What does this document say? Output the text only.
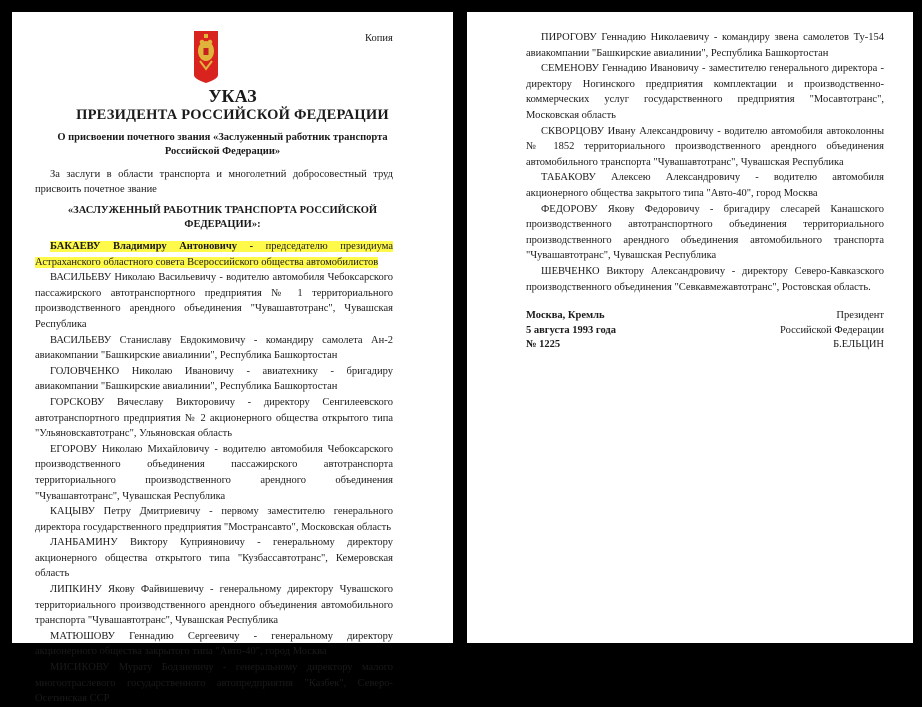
Копия
УКАЗ
ПРЕЗИДЕНТА РОССИЙСКОЙ ФЕДЕРАЦИИ
О присвоении почетного звания «Заслуженный работник транспорта Российской Федерации»
За заслуги в области транспорта и многолетний добросовестный труд присвоить почетное звание
«ЗАСЛУЖЕННЫЙ РАБОТНИК ТРАНСПОРТА РОССИЙСКОЙ ФЕДЕРАЦИИ»:

БАКАЕВУ Владимиру Антоновичу - председателю президиума Астраханского областного совета Всероссийского общества автомобилистов

ВАСИЛЬЕВУ Николаю Васильевичу - водителю автомобиля Чебоксарского пассажирского автотранспортного предприятия № 1 территориального производственного арендного объединения "Чувашавтотранс", Чувашская Республика

ВАСИЛЬЕВУ Станиславу Евдокимовичу - командиру самолета Ан-2 авиакомпании "Башкирские авиалинии", Республика Башкортостан

ГОЛОВЧЕНКО Николаю Ивановичу - авиатехнику - бригадиру авиакомпании "Башкирские авиалинии", Республика Башкортостан

ГОРСКОВУ Вячеславу Викторовичу - директору Сенгилеевского автотранспортного предприятия № 2 акционерного общества открытого типа "Ульяновскавтотранс", Ульяновская область

ЕГОРОВУ Николаю Михайловичу - водителю автомобиля Чебоксарского производственного объединения пассажирского автотранспорта территориального производственного арендного объединения "Чувашавтотранс", Чувашская Республика

КАЦЫВУ Петру Дмитриевичу - первому заместителю генерального директора государственного предприятия "Мострансавто", Московская область

ЛАНБАМИНУ Виктору Куприяновичу - генеральному директору акционерного общества открытого типа "Кузбассавтотранс", Кемеровская область

ЛИПКИНУ Якову Файвишевичу - генеральному директору Чувашского территориального производственного арендного объединения автомобильного транспорта "Чувашавтотранс", Чувашская Республика

МАТЮШОВУ Геннадию Сергеевичу - генеральному директору акционерного общества закрытого типа "Авто-40", город Москва

МИСИКОВУ Мурату Бодзиевичу - генеральному директору малого многоотраслевого государственного автопредприятия "Казбек", Северо-Осетинская ССР

ПИРОГОВУ Геннадию Николаевичу - командиру звена самолетов Ту-154 авиакомпании "Башкирские авиалинии", Республика Башкортостан

СЕМЕНОВУ Геннадию Ивановичу - заместителю генерального директора - директору Ногинского предприятия комплектации и производственно-коммерческих услуг государственного предприятия "Мосавтотранс", Московская область

СКВОРЦОВУ Ивану Александровичу - водителю автомобиля автоколонны № 1852 территориального производственного арендного объединения автомобильного транспорта "Чувашавтотранс", Чувашская Республика

ТАБАКОВУ Алексею Александровичу - водителю автомобиля акционерного общества закрытого типа "Авто-40", город Москва

ФЕДОРОВУ Якову Федоровичу - бригадиру слесарей Канашского производственного автотранспортного объединения территориального производственного арендного объединения автомобильного транспорта "Чувашавтотранс", Чувашская Республика

ШЕВЧЕНКО Виктору Александровичу - директору Северо-Кавказского производственного объединения "Севкавмежавтотранс", Ростовская область.

Москва, Кремль
5 августа 1993 года
№ 1225
Президент
Российской Федерации
Б.ЕЛЬЦИН
